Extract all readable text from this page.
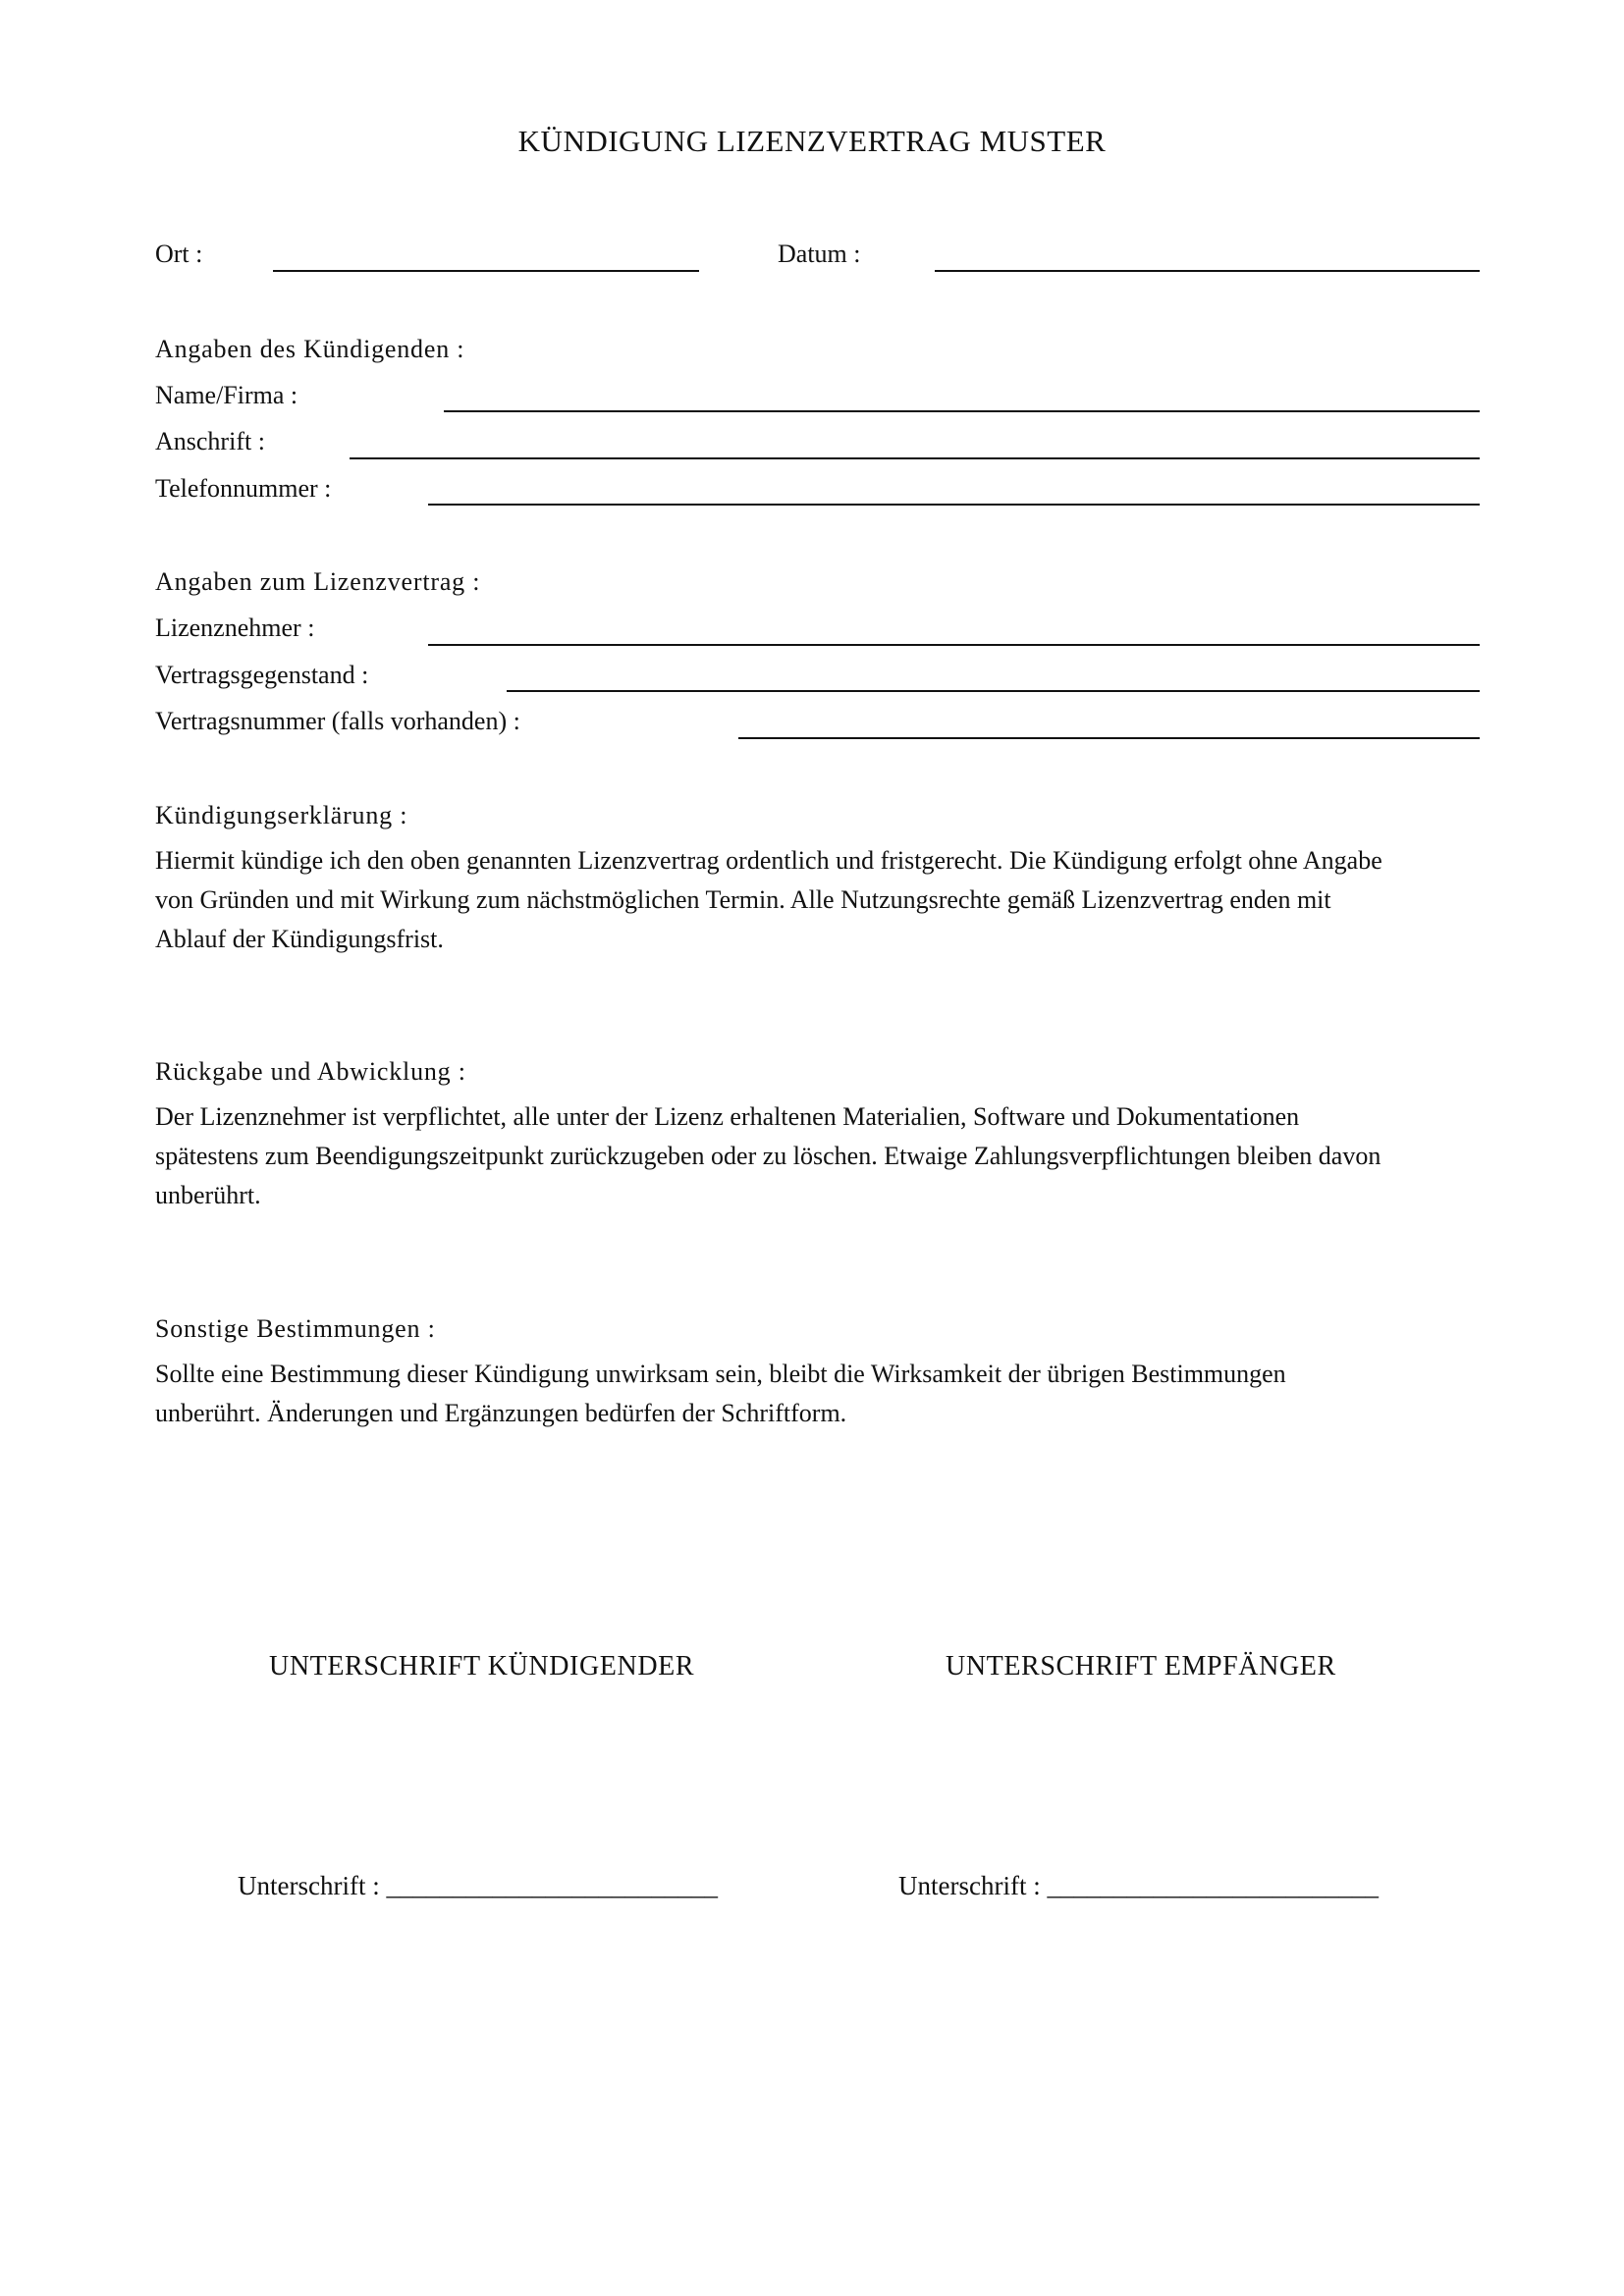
KÜNDIGUNG LIZENZVERTRAG MUSTER
Ort :	Datum :
Angaben des Kündigenden :
Name/Firma :
Anschrift :
Telefonnummer :
Angaben zum Lizenzvertrag :
Lizenznehmer :
Vertragsgegenstand :
Vertragsnummer (falls vorhanden) :
Kündigungserklärung :
Hiermit kündige ich den oben genannten Lizenzvertrag ordentlich und fristgerecht. Die Kündigung erfolgt ohne Angabe
von Gründen und mit Wirkung zum nächstmöglichen Termin. Alle Nutzungsrechte gemäß Lizenzvertrag enden mit
Ablauf der Kündigungsfrist.
Rückgabe und Abwicklung :
Der Lizenznehmer ist verpflichtet, alle unter der Lizenz erhaltenen Materialien, Software und Dokumentationen
spätestens zum Beendigungszeitpunkt zurückzugeben oder zu löschen. Etwaige Zahlungsverpflichtungen bleiben davon
unberührt.
Sonstige Bestimmungen :
Sollte eine Bestimmung dieser Kündigung unwirksam sein, bleibt die Wirksamkeit der übrigen Bestimmungen
unberührt. Änderungen und Ergänzungen bedürfen der Schriftform.
UNTERSCHRIFT KÜNDIGENDER	UNTERSCHRIFT EMPFÄNGER
Unterschrift : _________________________	Unterschrift : _________________________
